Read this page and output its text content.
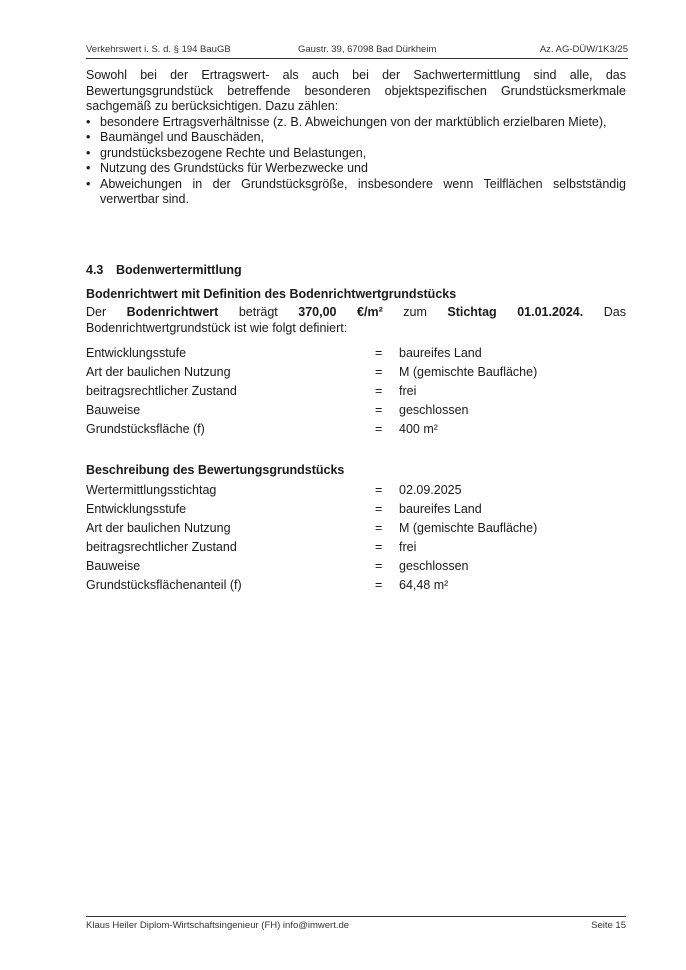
Verkehrswert i. S. d. § 194 BauGB	Gaustr. 39, 67098 Bad Dürkheim	Az. AG-DÜW/1K3/25

Sowohl bei der Ertragswert- als auch bei der Sachwertermittlung sind alle, das Bewertungsgrundstück betreffende besonderen objektspezifischen Grundstücksmerkmale sachgemäß zu berücksichtigen. Dazu zählen:

• besondere Ertragsverhältnisse (z. B. Abweichungen von der marktüblich erzielbaren Miete),
• Baumängel und Bauschäden,
• grundstücksbezogene Rechte und Belastungen,
• Nutzung des Grundstücks für Werbezwecke und
• Abweichungen in der Grundstücksgröße, insbesondere wenn Teilflächen selbstständig verwertbar sind.
4.3 Bodenwertermittlung
Bodenrichtwert mit Definition des Bodenrichtwertgrundstücks
Der Bodenrichtwert beträgt 370,00 €/m² zum Stichtag 01.01.2024. Das Bodenrichtwertgrundstück ist wie folgt definiert:
Entwicklungsstufe	= baureifes Land
Art der baulichen Nutzung	= M (gemischte Baufläche)
beitragsrechtlicher Zustand	= frei
Bauweise	= geschlossen
Grundstücksfläche (f)	= 400 m²
Beschreibung des Bewertungsgrundstücks
Wertermittlungsstichtag	= 02.09.2025
Entwicklungsstufe	= baureifes Land
Art der baulichen Nutzung	= M (gemischte Baufläche)
beitragsrechtlicher Zustand	= frei
Bauweise	= geschlossen
Grundstücksflächenanteil (f)	= 64,48 m²
Klaus Heiler Diplom-Wirtschaftsingenieur (FH) info@imwert.de	Seite 15
